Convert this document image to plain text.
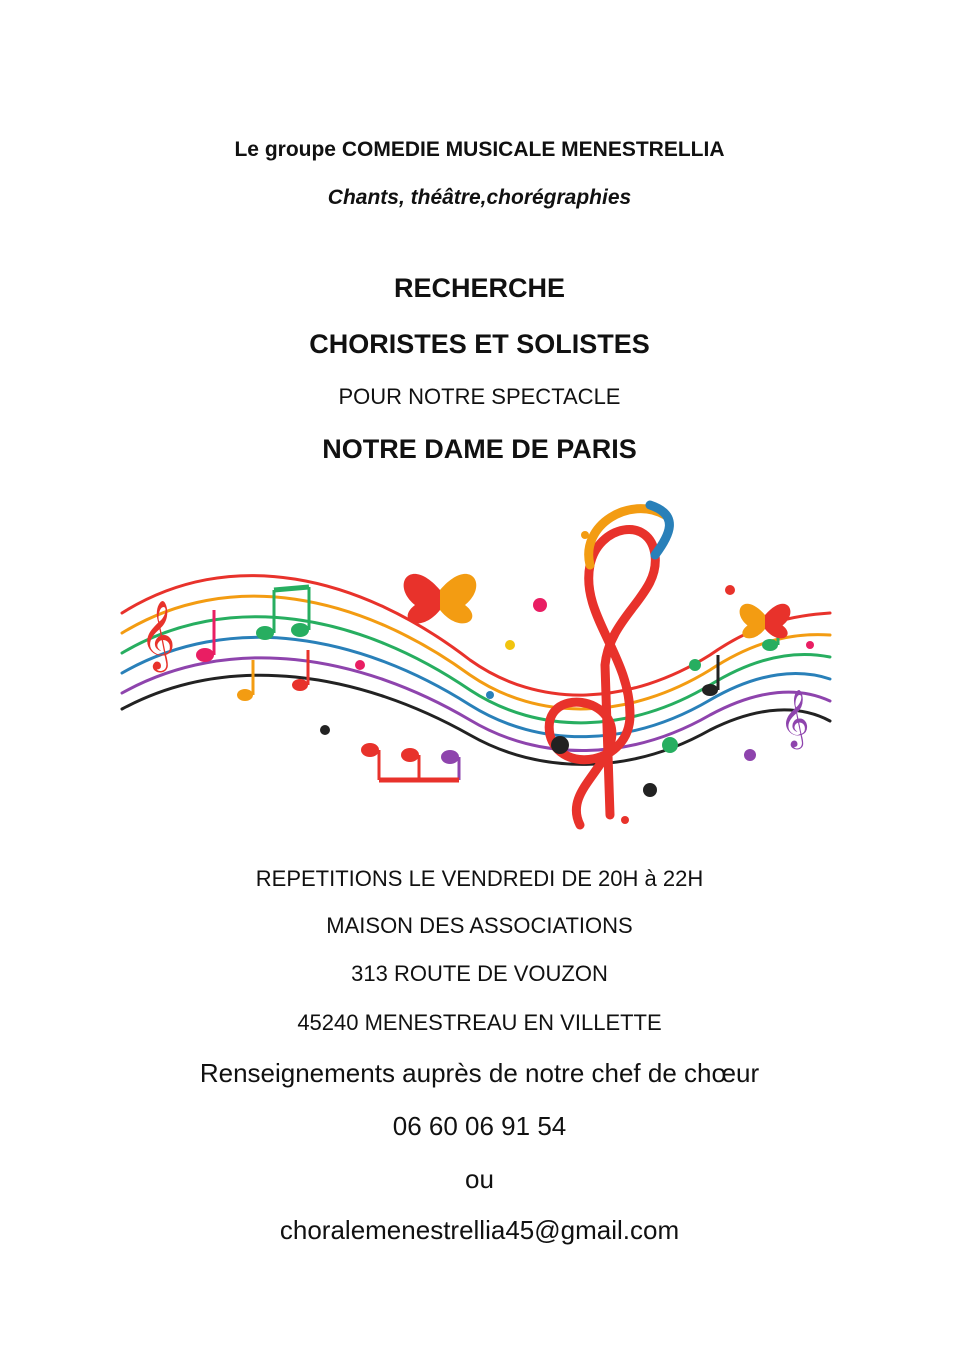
Le groupe COMEDIE MUSICALE MENESTRELLIA
Chants, théâtre,chorégraphies
RECHERCHE
CHORISTES ET SOLISTES
POUR NOTRE SPECTACLE
NOTRE DAME DE PARIS
𝄞
𝄞
REPETITIONS LE VENDREDI DE 20H à 22H
MAISON DES ASSOCIATIONS
313 ROUTE DE VOUZON
45240 MENESTREAU EN VILLETTE
Renseignements auprès de notre chef de chœur
06 60 06 91 54
ou
choralemenestrellia45@gmail.com
